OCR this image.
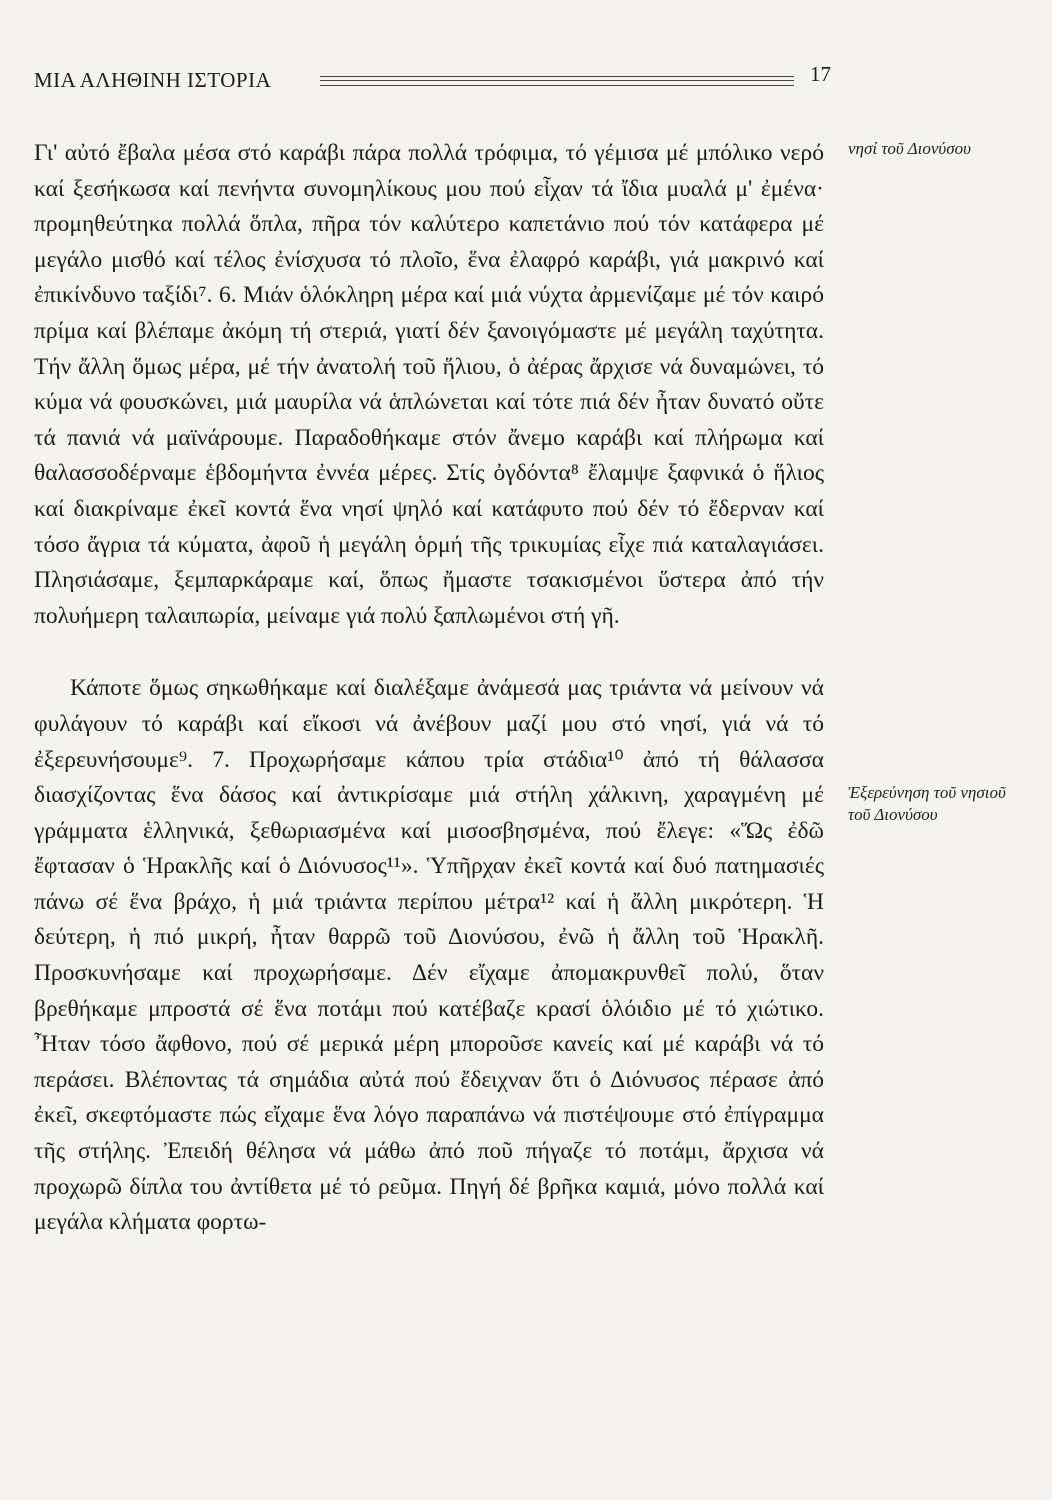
ΜΙΑ ΑΛΗΘΙΝΗ ΙΣΤΟΡΙΑ	17
νησί τοῦ Διονύσου
Ἐξερεύνηση τοῦ νησιοῦ τοῦ Διονύσου

Γι' αὐτό ἔβαλα μέσα στό καράβι πάρα πολλά τρόφιμα, τό γέμισα μέ μπόλικο νερό καί ξεσήκωσα καί πενήντα συνομηλίκους μου πού εἶχαν τά ἴδια μυαλά μ' ἐμένα· προμηθεύτηκα πολλά ὅπλα, πῆρα τόν καλύτερο καπετάνιο πού τόν κατάφερα μέ μεγάλο μισθό καί τέλος ἐνίσχυσα τό πλοῖο, ἕνα ἐλαφρό καράβι, γιά μακρινό καί ἐπικίνδυνο ταξίδι⁷. 6. Μιάν ὁλόκληρη μέρα καί μιά νύχτα ἀρμενίζαμε μέ τόν καιρό πρίμα καί βλέπαμε ἀκόμη τή στεριά, γιατί δέν ξανοιγόμαστε μέ μεγάλη ταχύτητα. Τήν ἄλλη ὅμως μέρα, μέ τήν ἀνατολή τοῦ ἥλιου, ὁ ἀέρας ἄρχισε νά δυναμώνει, τό κύμα νά φουσκώνει, μιά μαυρίλα νά ἁπλώνεται καί τότε πιά δέν ἦταν δυνατό οὔτε τά πανιά νά μαϊνάρουμε. Παραδοθήκαμε στόν ἄνεμο καράβι καί πλήρωμα καί θαλασσοδέρναμε ἑβδομήντα ἐννέα μέρες. Στίς ὀγδόντα⁸ ἔλαμψε ξαφνικά ὁ ἥλιος καί διακρίναμε ἐκεῖ κοντά ἕνα νησί ψηλό καί κατάφυτο πού δέν τό ἔδερναν καί τόσο ἄγρια τά κύματα, ἀφοῦ ἡ μεγάλη ὁρμή τῆς τρικυμίας εἶχε πιά καταλαγιάσει. Πλησιάσαμε, ξεμπαρκάραμε καί, ὅπως ἤμαστε τσακισμένοι ὕστερα ἀπό τήν πολυήμερη ταλαιπωρία, μείναμε γιά πολύ ξαπλωμένοι στή γῆ.

Κάποτε ὅμως σηκωθήκαμε καί διαλέξαμε ἀνάμεσά μας τριάντα νά μείνουν νά φυλάγουν τό καράβι καί εἴκοσι νά ἀνέβουν μαζί μου στό νησί, γιά νά τό ἐξερευνήσουμε⁹. 7. Προχωρήσαμε κάπου τρία στάδια¹⁰ ἀπό τή θάλασσα διασχίζοντας ἕνα δάσος καί ἀντικρίσαμε μιά στήλη χάλκινη, χαραγμένη μέ γράμματα ἑλληνικά, ξεθωριασμένα καί μισοσβησμένα, πού ἔλεγε: «Ὥς ἐδῶ ἔφτασαν ὁ Ἡρακλῆς καί ὁ Διόνυσος¹¹». Ὑπῆρχαν ἐκεῖ κοντά καί δυό πατημασιές πάνω σέ ἕνα βράχο, ἡ μιά τριάντα περίπου μέτρα¹² καί ἡ ἄλλη μικρότερη. Ἡ δεύτερη, ἡ πιό μικρή, ἦταν θαρρῶ τοῦ Διονύσου, ἐνῶ ἡ ἄλλη τοῦ Ἡρακλῆ. Προσκυνήσαμε καί προχωρήσαμε. Δέν εἴχαμε ἀπομακρυνθεῖ πολύ, ὅταν βρεθήκαμε μπροστά σέ ἕνα ποτάμι πού κατέβαζε κρασί ὁλόιδιο μέ τό χιώτικο. Ἦταν τόσο ἄφθονο, πού σέ μερικά μέρη μποροῦσε κανείς καί μέ καράβι νά τό περάσει. Βλέποντας τά σημάδια αὐτά πού ἔδειχναν ὅτι ὁ Διόνυσος πέρασε ἀπό ἐκεῖ, σκεφτόμαστε πώς εἴχαμε ἕνα λόγο παραπάνω νά πιστέψουμε στό ἐπίγραμμα τῆς στήλης. Ἐπειδή θέλησα νά μάθω ἀπό ποῦ πήγαζε τό ποτάμι, ἄρχισα νά προχωρῶ δίπλα του ἀντίθετα μέ τό ρεῦμα. Πηγή δέ βρῆκα καμιά, μόνο πολλά καί μεγάλα κλήματα φορτω-
